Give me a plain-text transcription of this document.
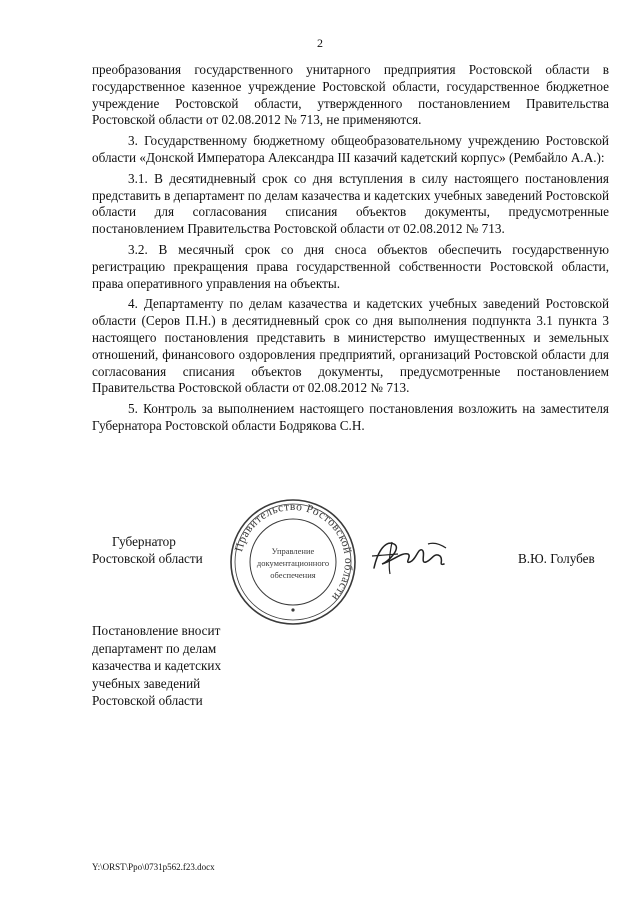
2

преобразования государственного унитарного предприятия Ростовской области в государственное казенное учреждение Ростовской области, государственное бюджетное учреждение Ростовской области, утвержденного постановлением Правительства Ростовской области от 02.08.2012 № 713, не применяются.

3. Государственному бюджетному общеобразовательному учреждению Ростовской области «Донской Императора Александра III казачий кадетский корпус» (Рембайло А.А.):

3.1. В десятидневный срок со дня вступления в силу настоящего постановления представить в департамент по делам казачества и кадетских учебных заведений Ростовской области для согласования списания объектов документы, предусмотренные постановлением Правительства Ростовской области от 02.08.2012 № 713.

3.2. В месячный срок со дня сноса объектов обеспечить государственную регистрацию прекращения права государственной собственности Ростовской области, права оперативного управления на объекты.

4. Департаменту по делам казачества и кадетских учебных заведений Ростовской области (Серов П.Н.) в десятидневный срок со дня выполнения подпункта 3.1 пункта 3 настоящего постановления представить в министерство имущественных и земельных отношений, финансового оздоровления предприятий, организаций Ростовской области для согласования списания объектов документы, предусмотренные постановлением Правительства Ростовской области от 02.08.2012 № 713.

5. Контроль за выполнением настоящего постановления возложить на заместителя Губернатора Ростовской области Бодрякова С.Н.

Губернатор
Ростовской области
Правительство Ростовской области
Управление
документационного
обеспечения
В.Ю. Голубев
Постановление вносит
департамент по делам
казачества и кадетских
учебных заведений
Ростовской области
Y:\ORST\Ppo\0731p562.f23.docx
